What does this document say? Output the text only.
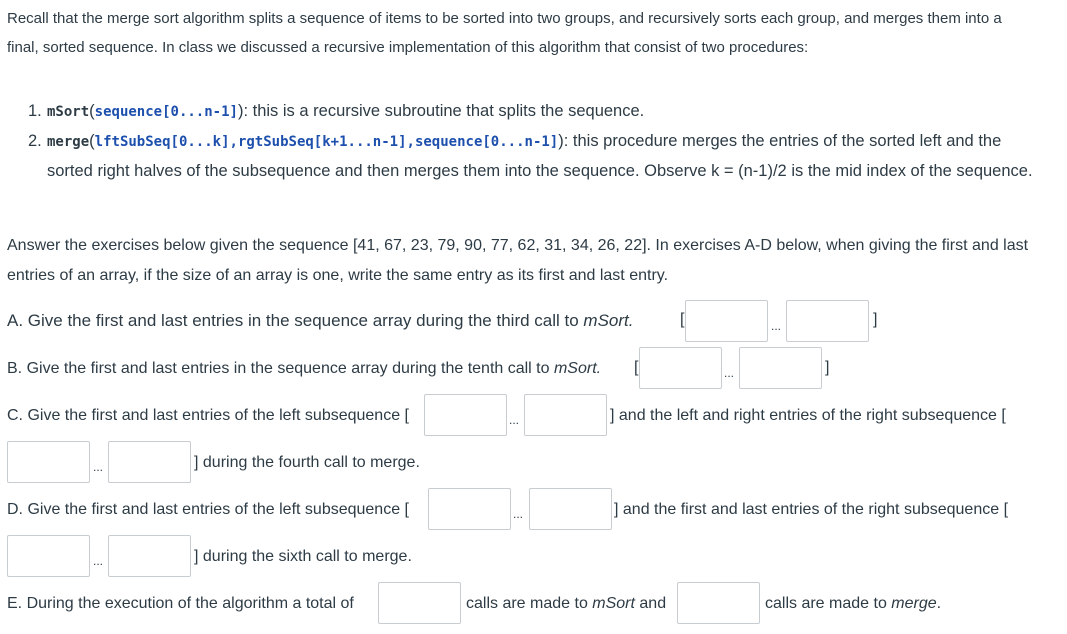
Recall that the merge sort algorithm splits a sequence of items to be sorted into two groups, and recursively sorts each group, and merges them into a final, sorted sequence. In class we discussed a recursive implementation of this algorithm that consist of two procedures:

1. mSort(sequence[0...n-1]): this is a recursive subroutine that splits the sequence.
2. merge(lftSubSeq[0...k],rgtSubSeq[k+1...n-1],sequence[0...n-1]): this procedure merges the entries of the sorted left and the sorted right halves of the subsequence and then merges them into the sequence. Observe k = (n-1)/2 is the mid index of the sequence.

Answer the exercises below given the sequence [41, 67, 23, 79, 90, 77, 62, 31, 34, 26, 22]. In exercises A-D below, when giving the first and last entries of an array, if the size of an array is one, write the same entry as its first and last entry.

A. Give the first and last entries in the sequence array during the third call to mSort.	[	...	]
B. Give the first and last entries in the sequence array during the tenth call to mSort. [	...	]
C. Give the first and last entries of the left subsequence [	...	] and the left and right entries of the right subsequence [
...	] during the fourth call to merge.
D. Give the first and last entries of the left subsequence [	...	] and the first and last entries of the right subsequence [
...	] during the sixth call to merge.
E. During the execution of the algorithm a total of	calls are made to mSort and	calls are made to merge.
